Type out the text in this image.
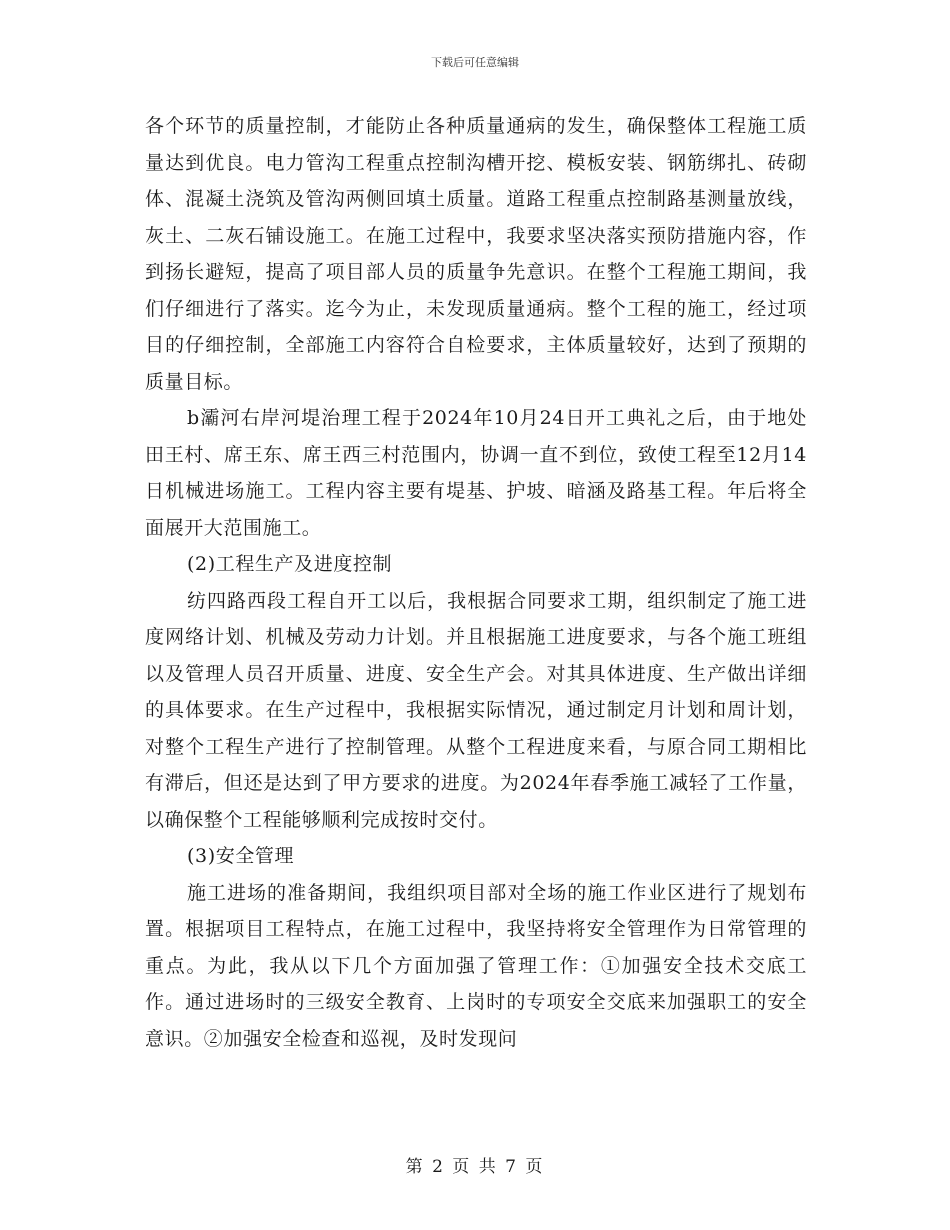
下载后可任意编辑

各个环节的质量控制，才能防止各种质量通病的发生，确保整体工程施工质量达到优良。电力管沟工程重点控制沟槽开挖、模板安装、钢筋绑扎、砖砌体、混凝土浇筑及管沟两侧回填土质量。道路工程重点控制路基测量放线，灰土、二灰石铺设施工。在施工过程中，我要求坚决落实预防措施内容，作到扬长避短，提高了项目部人员的质量争先意识。在整个工程施工期间，我们仔细进行了落实。迄今为止，未发现质量通病。整个工程的施工，经过项目的仔细控制，全部施工内容符合自检要求，主体质量较好，达到了预期的质量目标。

b灞河右岸河堤治理工程于2024年10月24日开工典礼之后，由于地处田王村、席王东、席王西三村范围内，协调一直不到位，致使工程至12月14日机械进场施工。工程内容主要有堤基、护坡、暗涵及路基工程。年后将全面展开大范围施工。

(2)工程生产及进度控制

纺四路西段工程自开工以后，我根据合同要求工期，组织制定了施工进度网络计划、机械及劳动力计划。并且根据施工进度要求，与各个施工班组以及管理人员召开质量、进度、安全生产会。对其具体进度、生产做出详细的具体要求。在生产过程中，我根据实际情况，通过制定月计划和周计划，对整个工程生产进行了控制管理。从整个工程进度来看，与原合同工期相比有滞后，但还是达到了甲方要求的进度。为2024年春季施工减轻了工作量，以确保整个工程能够顺利完成按时交付。

(3)安全管理

施工进场的准备期间，我组织项目部对全场的施工作业区进行了规划布置。根据项目工程特点，在施工过程中，我坚持将安全管理作为日常管理的重点。为此，我从以下几个方面加强了管理工作：①加强安全技术交底工作。通过进场时的三级安全教育、上岗时的专项安全交底来加强职工的安全意识。②加强安全检查和巡视，及时发现问

第 2 页 共 7 页
